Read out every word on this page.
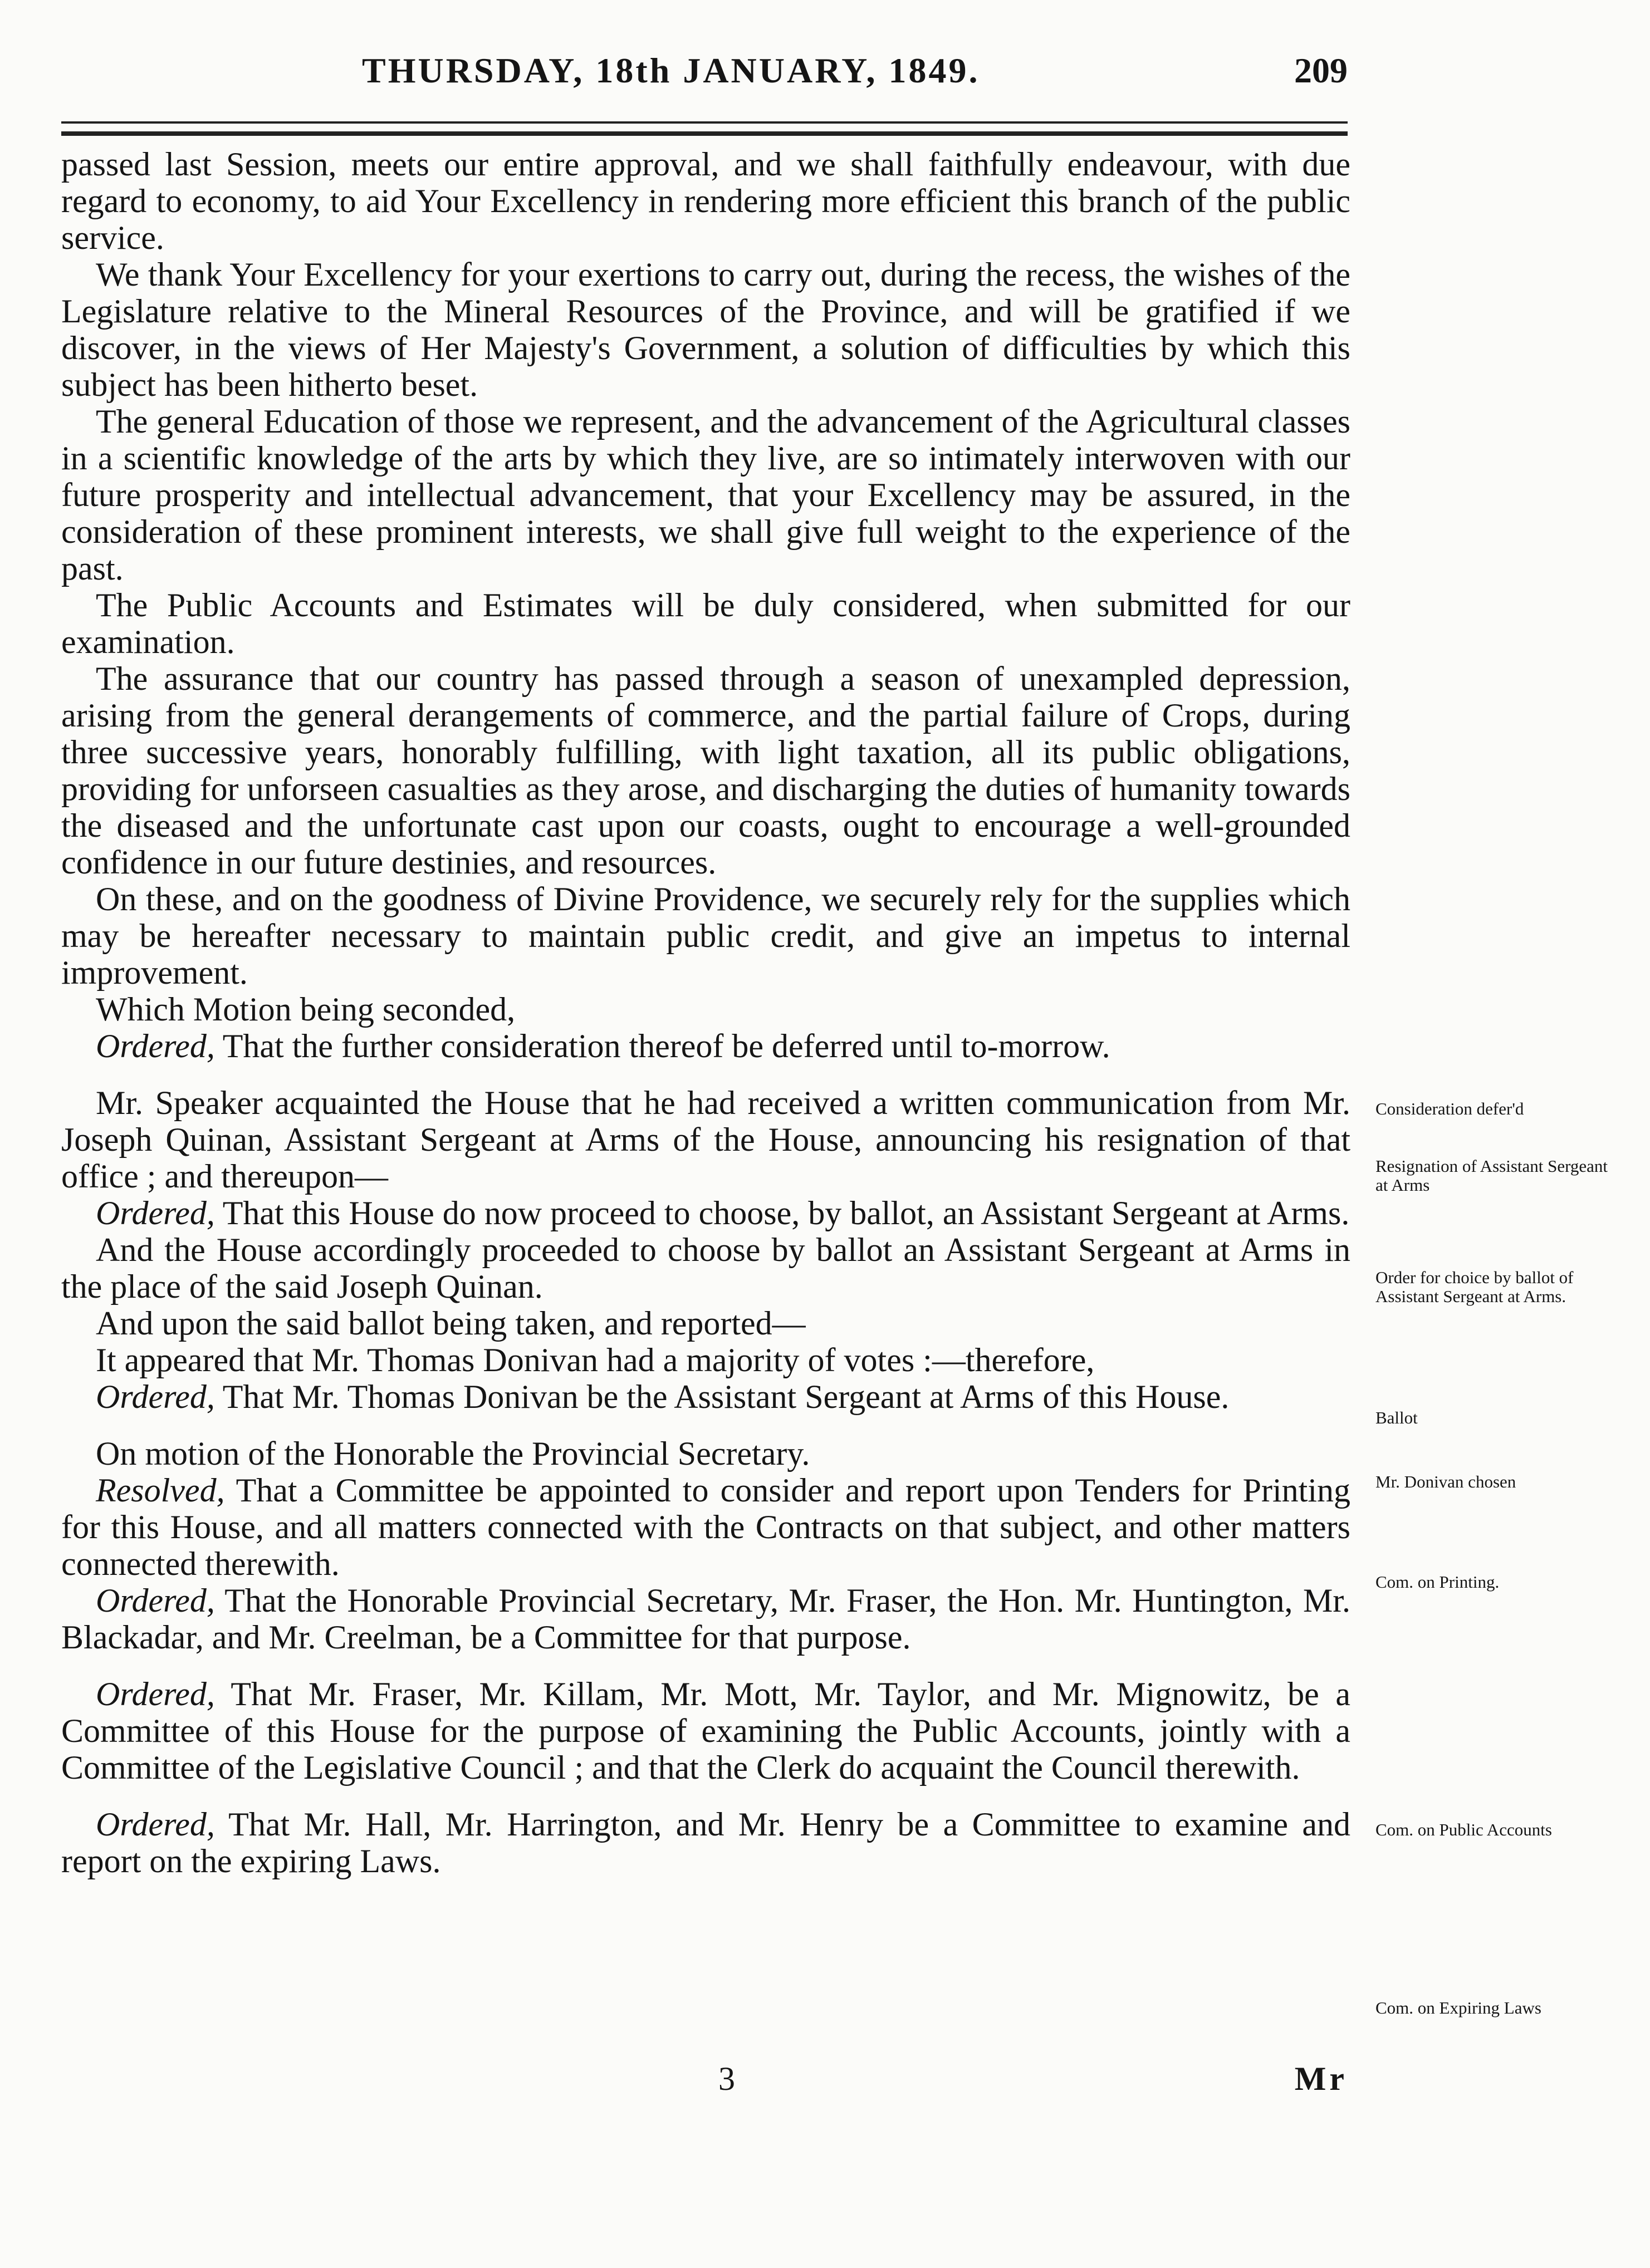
THURSDAY, 18th JANUARY, 1849.	209

passed last Session, meets our entire approval, and we shall faithfully endeavour, with due regard to economy, to aid Your Excellency in rendering more efficient this branch of the public service.

We thank Your Excellency for your exertions to carry out, during the recess, the wishes of the Legislature relative to the Mineral Resources of the Province, and will be gratified if we discover, in the views of Her Majesty's Government, a solution of difficulties by which this subject has been hitherto beset.

The general Education of those we represent, and the advancement of the Agricultural classes in a scientific knowledge of the arts by which they live, are so intimately interwoven with our future prosperity and intellectual advancement, that your Excellency may be assured, in the consideration of these prominent interests, we shall give full weight to the experience of the past.

The Public Accounts and Estimates will be duly considered, when submitted for our examination.

The assurance that our country has passed through a season of unexampled depression, arising from the general derangements of commerce, and the partial failure of Crops, during three successive years, honorably fulfilling, with light taxation, all its public obligations, providing for unforseen casualties as they arose, and discharging the duties of humanity towards the diseased and the unfortunate cast upon our coasts, ought to encourage a well-grounded confidence in our future destinies, and resources.

On these, and on the goodness of Divine Providence, we securely rely for the supplies which may be hereafter necessary to maintain public credit, and give an impetus to internal improvement.

Which Motion being seconded,

Ordered, That the further consideration thereof be deferred until to-morrow.

Mr. Speaker acquainted the House that he had received a written communication from Mr. Joseph Quinan, Assistant Sergeant at Arms of the House, announcing his resignation of that office ; and thereupon—

Ordered, That this House do now proceed to choose, by ballot, an Assistant Sergeant at Arms.

And the House accordingly proceeded to choose by ballot an Assistant Sergeant at Arms in the place of the said Joseph Quinan.

And upon the said ballot being taken, and reported—

It appeared that Mr. Thomas Donivan had a majority of votes :—therefore,

Ordered, That Mr. Thomas Donivan be the Assistant Sergeant at Arms of this House.

On motion of the Honorable the Provincial Secretary.

Resolved, That a Committee be appointed to consider and report upon Tenders for Printing for this House, and all matters connected with the Contracts on that subject, and other matters connected therewith.

Ordered, That the Honorable Provincial Secretary, Mr. Fraser, the Hon. Mr. Huntington, Mr. Blackadar, and Mr. Creelman, be a Committee for that purpose.

Ordered, That Mr. Fraser, Mr. Killam, Mr. Mott, Mr. Taylor, and Mr. Mignowitz, be a Committee of this House for the purpose of examining the Public Accounts, jointly with a Committee of the Legislative Council ; and that the Clerk do acquaint the Council therewith.

Ordered, That Mr. Hall, Mr. Harrington, and Mr. Henry be a Committee to examine and report on the expiring Laws.

Consideration defer'd
Resignation of Assistant Sergeant at Arms
Order for choice by ballot of Assistant Sergeant at Arms.
Ballot
Mr. Donivan chosen
Com. on Printing.
Com. on Public Accounts
Com. on Expiring Laws
3	Mr
